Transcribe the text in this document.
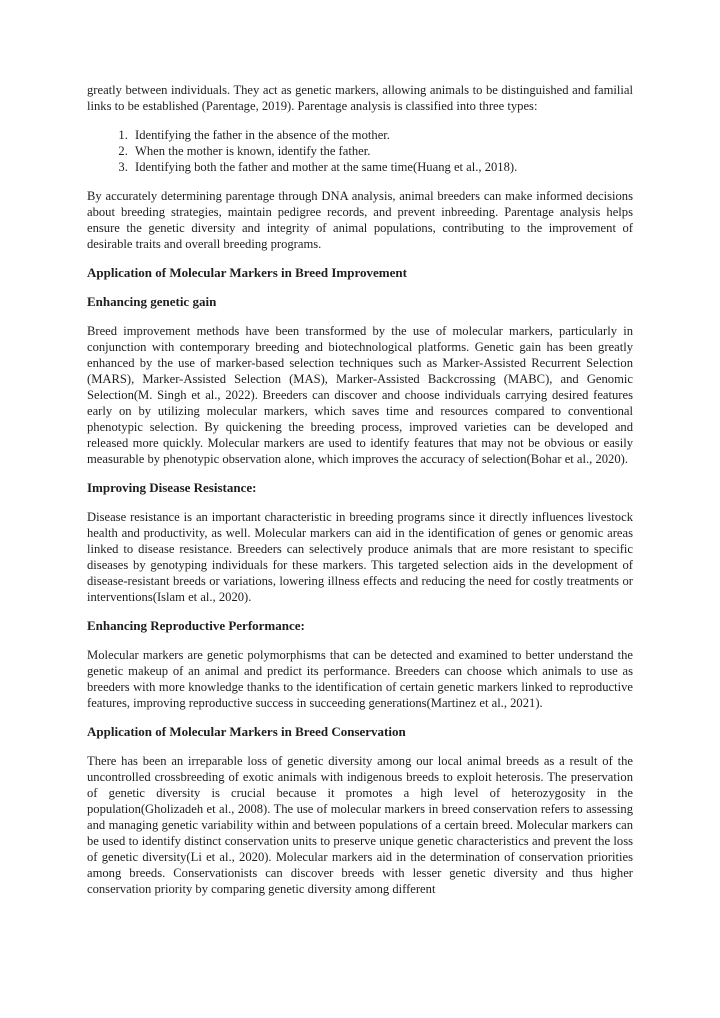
greatly between individuals. They act as genetic markers, allowing animals to be distinguished and familial links to be established (Parentage, 2019). Parentage analysis is classified into three types:

1. Identifying the father in the absence of the mother.
2. When the mother is known, identify the father.
3. Identifying both the father and mother at the same time(Huang et al., 2018).

By accurately determining parentage through DNA analysis, animal breeders can make informed decisions about breeding strategies, maintain pedigree records, and prevent inbreeding. Parentage analysis helps ensure the genetic diversity and integrity of animal populations, contributing to the improvement of desirable traits and overall breeding programs.

Application of Molecular Markers in Breed Improvement
Enhancing genetic gain

Breed improvement methods have been transformed by the use of molecular markers, particularly in conjunction with contemporary breeding and biotechnological platforms. Genetic gain has been greatly enhanced by the use of marker-based selection techniques such as Marker-Assisted Recurrent Selection (MARS), Marker-Assisted Selection (MAS), Marker-Assisted Backcrossing (MABC), and Genomic Selection(M. Singh et al., 2022). Breeders can discover and choose individuals carrying desired features early on by utilizing molecular markers, which saves time and resources compared to conventional phenotypic selection. By quickening the breeding process, improved varieties can be developed and released more quickly. Molecular markers are used to identify features that may not be obvious or easily measurable by phenotypic observation alone, which improves the accuracy of selection(Bohar et al., 2020).

Improving Disease Resistance:

Disease resistance is an important characteristic in breeding programs since it directly influences livestock health and productivity, as well. Molecular markers can aid in the identification of genes or genomic areas linked to disease resistance. Breeders can selectively produce animals that are more resistant to specific diseases by genotyping individuals for these markers. This targeted selection aids in the development of disease-resistant breeds or variations, lowering illness effects and reducing the need for costly treatments or interventions(Islam et al., 2020).

Enhancing Reproductive Performance:

Molecular markers are genetic polymorphisms that can be detected and examined to better understand the genetic makeup of an animal and predict its performance. Breeders can choose which animals to use as breeders with more knowledge thanks to the identification of certain genetic markers linked to reproductive features, improving reproductive success in succeeding generations(Martinez et al., 2021).

Application of Molecular Markers in Breed Conservation

There has been an irreparable loss of genetic diversity among our local animal breeds as a result of the uncontrolled crossbreeding of exotic animals with indigenous breeds to exploit heterosis. The preservation of genetic diversity is crucial because it promotes a high level of heterozygosity in the population(Gholizadeh et al., 2008). The use of molecular markers in breed conservation refers to assessing and managing genetic variability within and between populations of a certain breed. Molecular markers can be used to identify distinct conservation units to preserve unique genetic characteristics and prevent the loss of genetic diversity(Li et al., 2020). Molecular markers aid in the determination of conservation priorities among breeds. Conservationists can discover breeds with lesser genetic diversity and thus higher conservation priority by comparing genetic diversity among different
